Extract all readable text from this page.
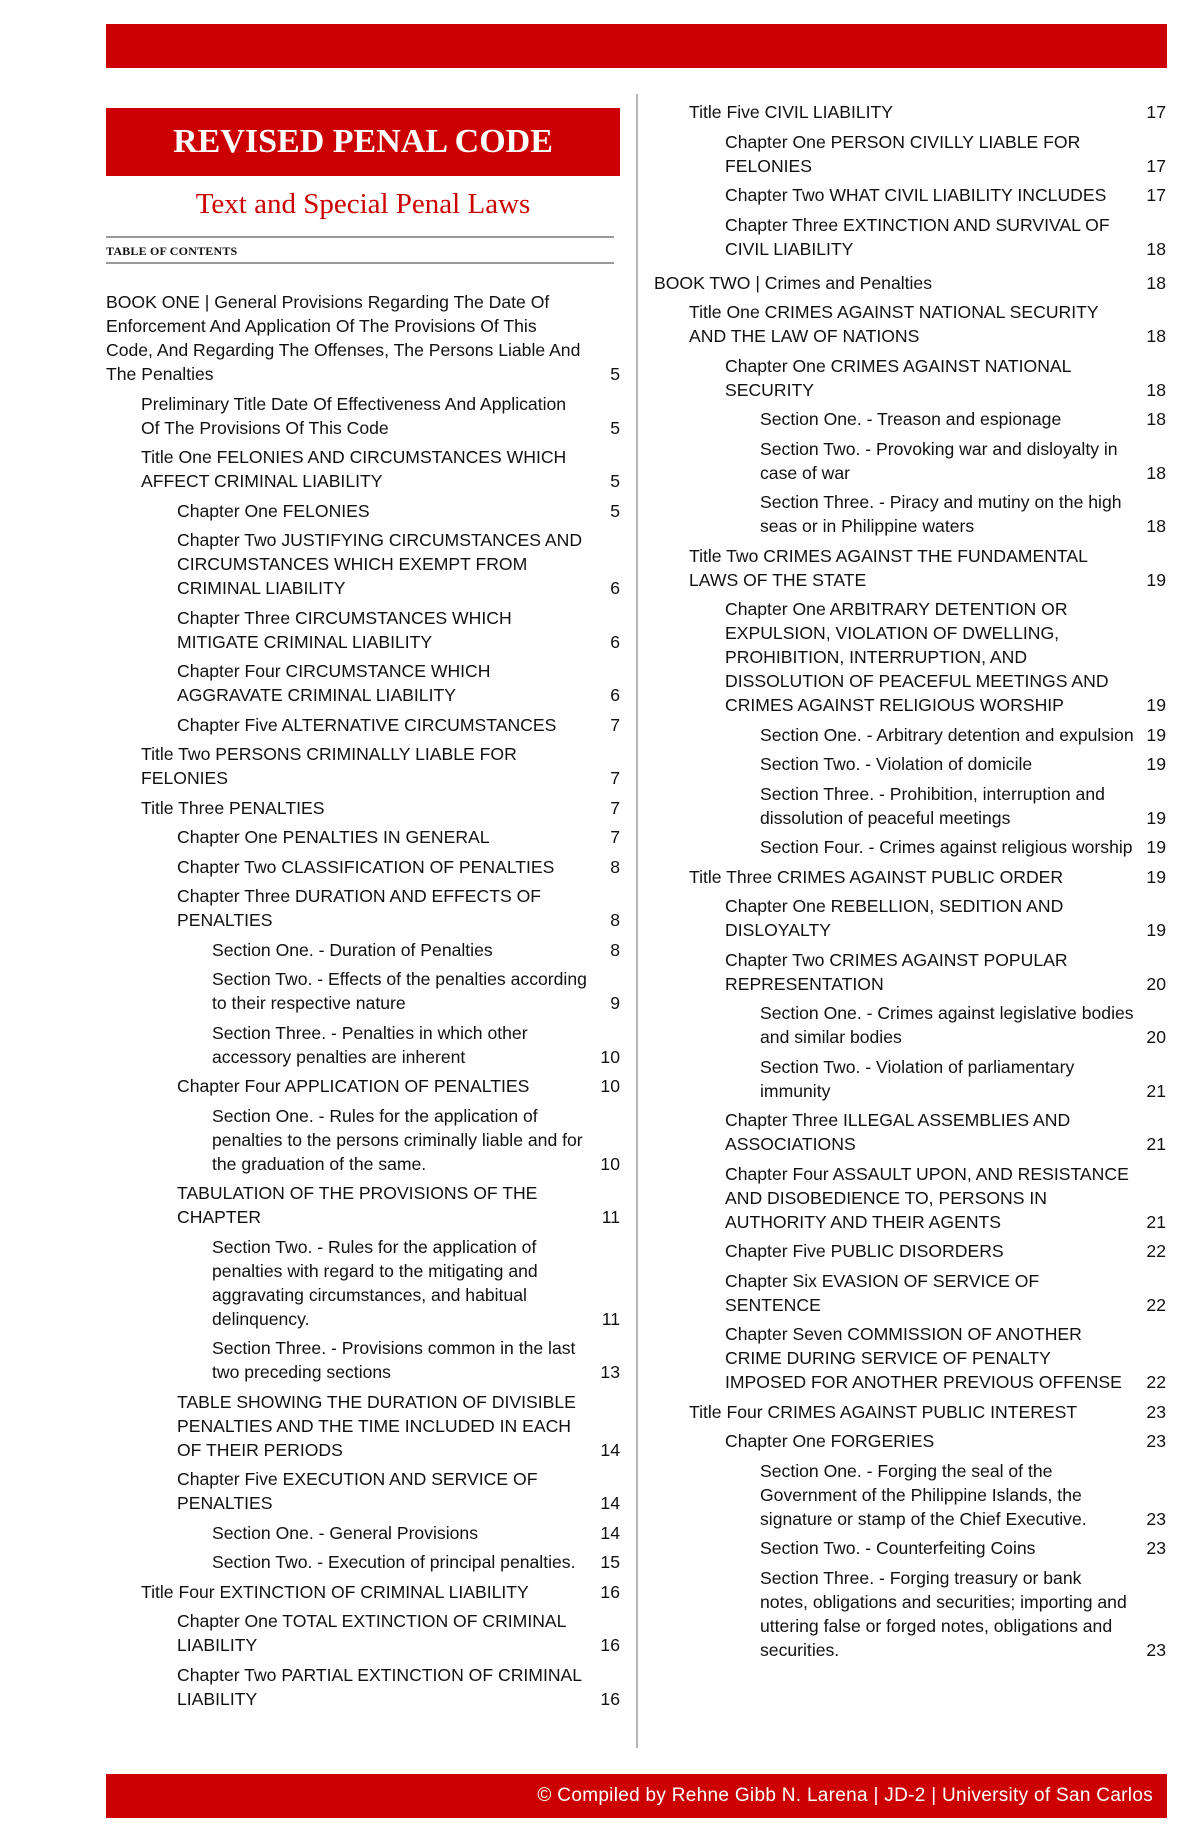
REVISED PENAL CODE
Text and Special Penal Laws
TABLE OF CONTENTS
BOOK ONE | General Provisions Regarding The Date Of Enforcement And Application Of The Provisions Of This Code, And Regarding The Offenses, The Persons Liable And The Penalties	5
Preliminary Title Date Of Effectiveness And Application Of The Provisions Of This Code	5
Title One FELONIES AND CIRCUMSTANCES WHICH AFFECT CRIMINAL LIABILITY	5
Chapter One FELONIES	5
Chapter Two JUSTIFYING CIRCUMSTANCES AND CIRCUMSTANCES WHICH EXEMPT FROM CRIMINAL LIABILITY	6
Chapter Three CIRCUMSTANCES WHICH MITIGATE CRIMINAL LIABILITY	6
Chapter Four CIRCUMSTANCE WHICH AGGRAVATE CRIMINAL LIABILITY	6
Chapter Five ALTERNATIVE CIRCUMSTANCES	7
Title Two PERSONS CRIMINALLY LIABLE FOR FELONIES	7
Title Three PENALTIES	7
Chapter One PENALTIES IN GENERAL	7
Chapter Two CLASSIFICATION OF PENALTIES	8
Chapter Three DURATION AND EFFECTS OF PENALTIES	8
Section One. - Duration of Penalties	8
Section Two. - Effects of the penalties according to their respective nature	9
Section Three. - Penalties in which other accessory penalties are inherent	10
Chapter Four APPLICATION OF PENALTIES	10
Section One. - Rules for the application of penalties to the persons criminally liable and for the graduation of the same.	10
TABULATION OF THE PROVISIONS OF THE CHAPTER	11
Section Two. - Rules for the application of penalties with regard to the mitigating and aggravating circumstances, and habitual delinquency.	11
Section Three. - Provisions common in the last two preceding sections	13
TABLE SHOWING THE DURATION OF DIVISIBLE PENALTIES AND THE TIME INCLUDED IN EACH OF THEIR PERIODS	14
Chapter Five EXECUTION AND SERVICE OF PENALTIES	14
Section One. - General Provisions	14
Section Two. - Execution of principal penalties.	15
Title Four EXTINCTION OF CRIMINAL LIABILITY	16
Chapter One TOTAL EXTINCTION OF CRIMINAL LIABILITY	16
Chapter Two PARTIAL EXTINCTION OF CRIMINAL LIABILITY	16
Title Five CIVIL LIABILITY	17
Chapter One PERSON CIVILLY LIABLE FOR FELONIES	17
Chapter Two WHAT CIVIL LIABILITY INCLUDES	17
Chapter Three EXTINCTION AND SURVIVAL OF CIVIL LIABILITY	18
BOOK TWO | Crimes and Penalties	18
Title One CRIMES AGAINST NATIONAL SECURITY AND THE LAW OF NATIONS	18
Chapter One CRIMES AGAINST NATIONAL SECURITY	18
Section One. - Treason and espionage	18
Section Two. - Provoking war and disloyalty in case of war	18
Section Three. - Piracy and mutiny on the high seas or in Philippine waters	18
Title Two CRIMES AGAINST THE FUNDAMENTAL LAWS OF THE STATE	19
Chapter One ARBITRARY DETENTION OR EXPULSION, VIOLATION OF DWELLING, PROHIBITION, INTERRUPTION, AND DISSOLUTION OF PEACEFUL MEETINGS AND CRIMES AGAINST RELIGIOUS WORSHIP	19
Section One. - Arbitrary detention and expulsion 19
Section Two. - Violation of domicile	19
Section Three. - Prohibition, interruption and dissolution of peaceful meetings	19
Section Four. - Crimes against religious worship 19
Title Three CRIMES AGAINST PUBLIC ORDER	19
Chapter One REBELLION, SEDITION AND DISLOYALTY	19
Chapter Two CRIMES AGAINST POPULAR REPRESENTATION	20
Section One. - Crimes against legislative bodies and similar bodies	20
Section Two. - Violation of parliamentary immunity	21
Chapter Three ILLEGAL ASSEMBLIES AND ASSOCIATIONS	21
Chapter Four ASSAULT UPON, AND RESISTANCE AND DISOBEDIENCE TO, PERSONS IN AUTHORITY AND THEIR AGENTS	21
Chapter Five PUBLIC DISORDERS	22
Chapter Six EVASION OF SERVICE OF SENTENCE	22
Chapter Seven COMMISSION OF ANOTHER CRIME DURING SERVICE OF PENALTY IMPOSED FOR ANOTHER PREVIOUS OFFENSE	22
Title Four CRIMES AGAINST PUBLIC INTEREST	23
Chapter One FORGERIES	23
Section One. - Forging the seal of the Government of the Philippine Islands, the signature or stamp of the Chief Executive.	23
Section Two. - Counterfeiting Coins	23
Section Three. - Forging treasury or bank notes, obligations and securities; importing and uttering false or forged notes, obligations and securities.	23
© Compiled by Rehne Gibb N. Larena | JD-2 | University of San Carlos
